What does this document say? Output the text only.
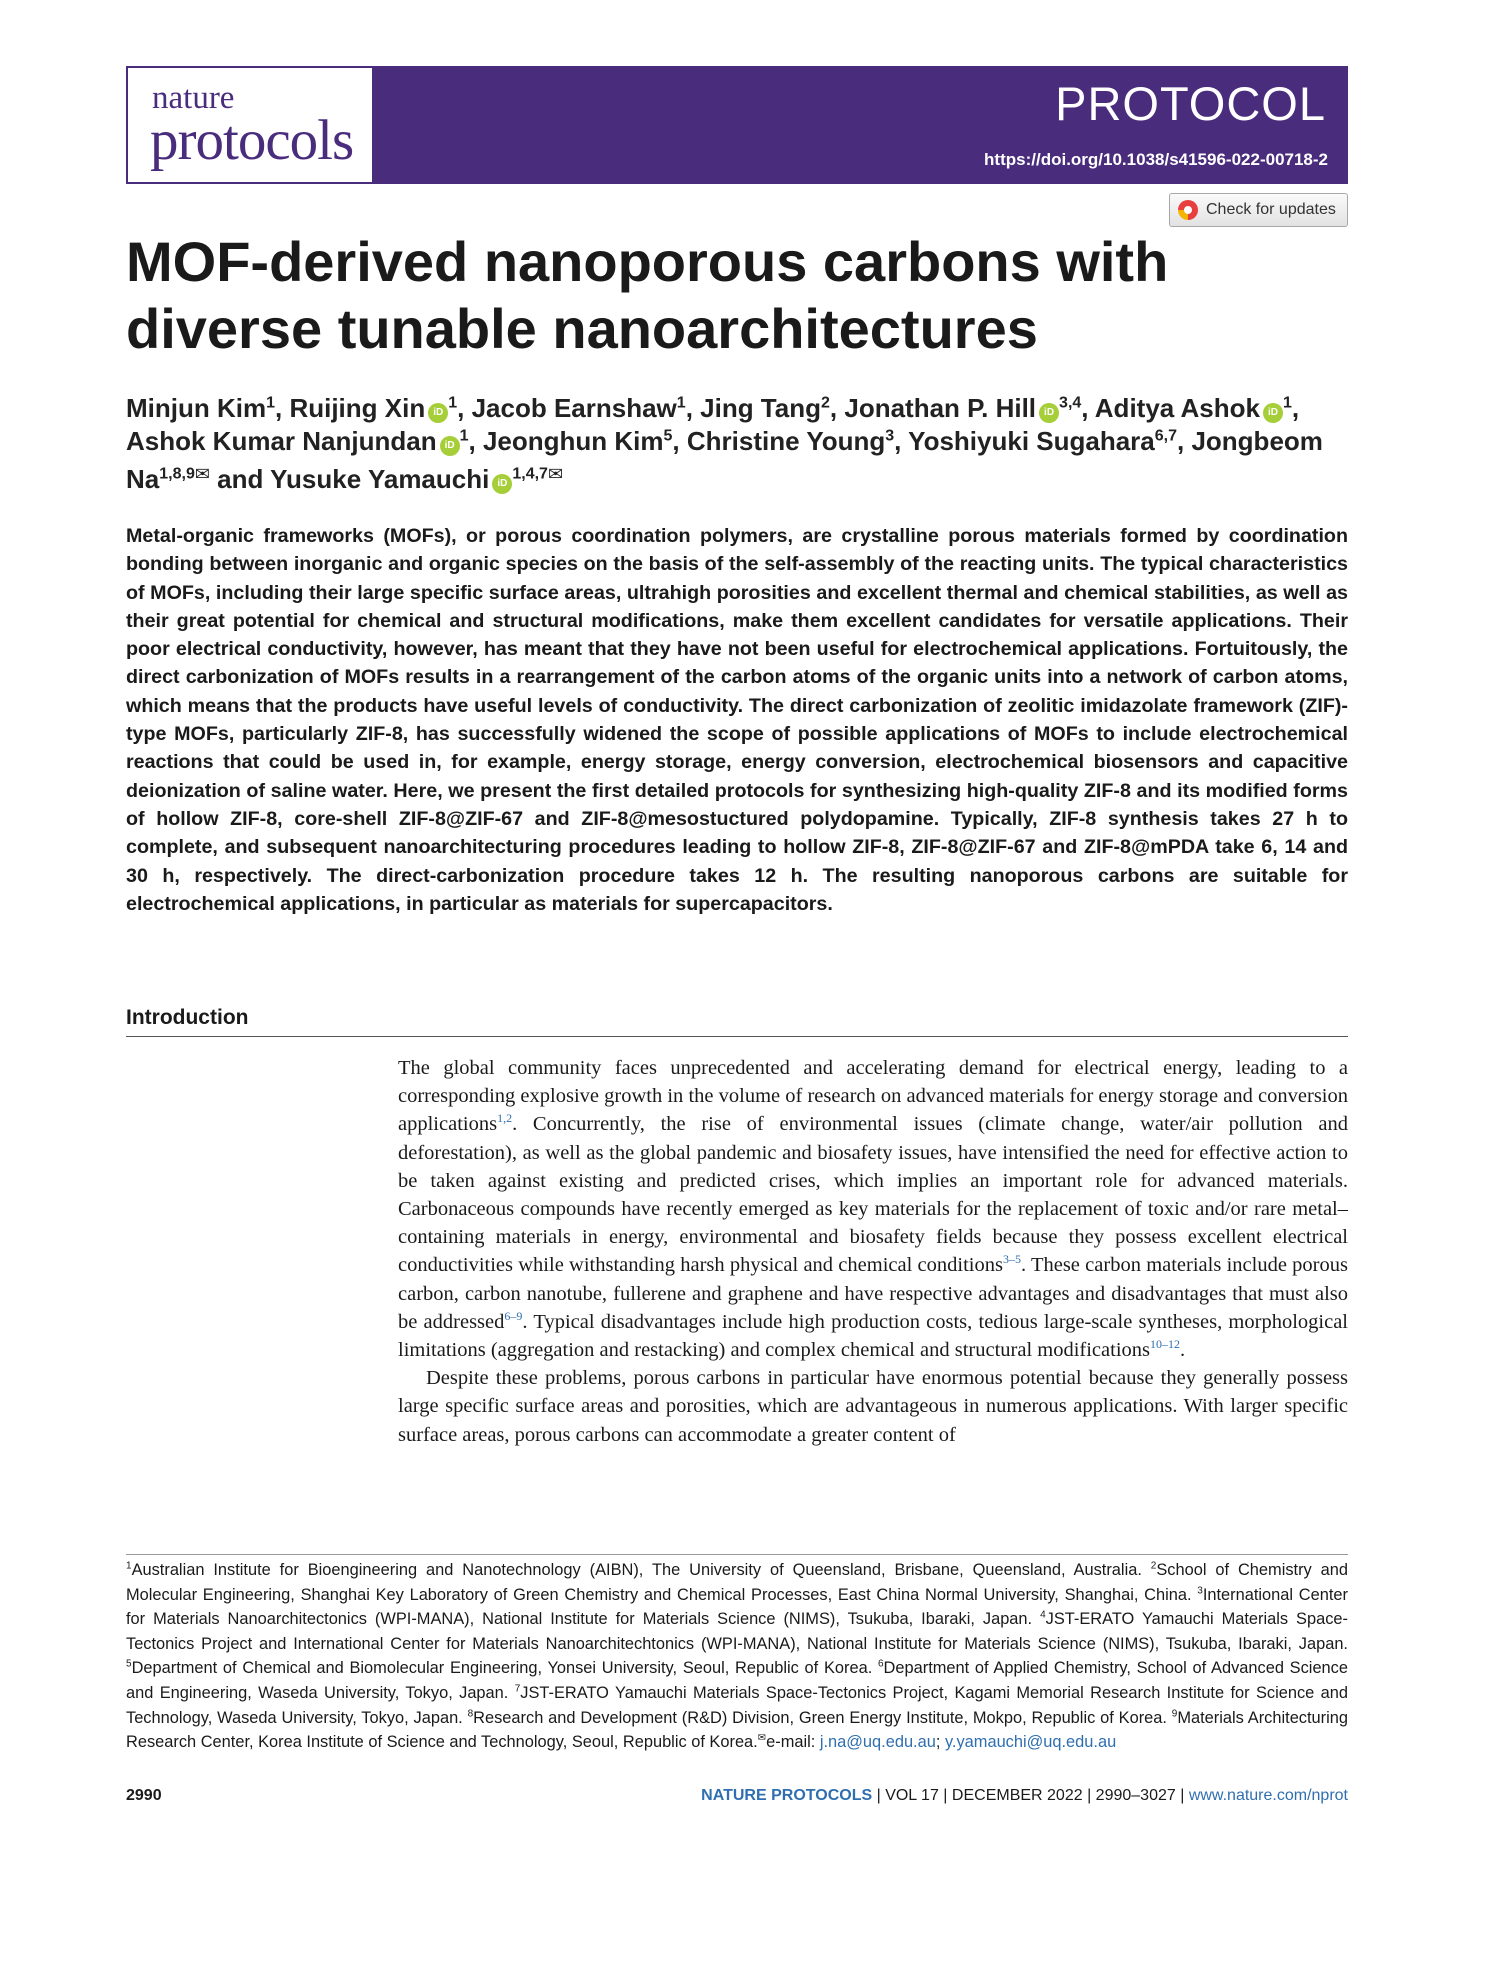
nature
protocols
PROTOCOL
https://doi.org/10.1038/s41596-022-00718-2
Check for updates
MOF-derived nanoporous carbons with diverse tunable nanoarchitectures
Minjun Kim$^1$, Ruijing Xin $iD^1$, Jacob Earnshaw$^1$, Jing Tang$^2$, Jonathan P. Hill iD$^{3,4}$, Aditya Ashok $iD^1$, Ashok Kumar Nanjundan $iD^1$, Jeonghun Kim$^5$, Christine Young$^3$, Yoshiyuki Sugahara$^{6,7}$, Jongbeom $Na^{1,8,9✉}$ and Yusuke Yamauchi $iD^{1,4,7✉}$

Metal-organic frameworks (MOFs), or porous coordination polymers, are crystalline porous materials formed by coordination bonding between inorganic and organic species on the basis of the self-assembly of the reacting units. The typical characteristics of MOFs, including their large specific surface areas, ultrahigh porosities and excellent thermal and chemical stabilities, as well as their great potential for chemical and structural modifications, make them excellent candidates for versatile applications. Their poor electrical conductivity, however, has meant that they have not been useful for electrochemical applications. Fortuitously, the direct carbonization of MOFs results in a rearrangement of the carbon atoms of the organic units into a network of carbon atoms, which means that the products have useful levels of conductivity. The direct carbonization of zeolitic imidazolate framework (ZIF)-type MOFs, particularly ZIF-8, has successfully widened the scope of possible applications of MOFs to include electrochemical reactions that could be used in, for example, energy storage, energy conversion, electrochemical biosensors and capacitive deionization of saline water. Here, we present the first detailed protocols for synthesizing high-quality ZIF-8 and its modified forms of hollow ZIF-8, core-shell ZIF-8@ZIF-67 and ZIF-8@mesostuctured polydopamine. Typically, ZIF-8 synthesis takes 27 h to complete, and subsequent nanoarchitecturing procedures leading to hollow ZIF-8, ZIF-8@ZIF-67 and ZIF-8@mPDA take 6, 14 and 30 h, respectively. The direct-carbonization procedure takes 12 h. The resulting nanoporous carbons are suitable for electrochemical applications, in particular as materials for supercapacitors.

Introduction

The global community faces unprecedented and accelerating demand for electrical energy, leading to a corresponding explosive growth in the volume of research on advanced materials for energy storage and conversion applications$^{1,2}$. Concurrently, the rise of environmental issues (climate change, water/air pollution and deforestation), as well as the global pandemic and biosafety issues, have intensified the need for effective action to be taken against existing and predicted crises, which implies an important role for advanced materials. Carbonaceous compounds have recently emerged as key materials for the replacement of toxic and/or rare metal–containing materials in energy, environmental and biosafety fields because they possess excellent electrical conductivities while withstanding harsh physical and chemical conditions$^{3-5}$. These carbon materials include porous carbon, carbon nanotube, fullerene and graphene and have respective advantages and disadvantages that must also be addressed$^{6-9}$. Typical disadvantages include high production costs, tedious large-scale syntheses, morphological limitations (aggregation and restacking) and complex chemical and structural modifications$^{10-12}$.

Despite these problems, porous carbons in particular have enormous potential because they generally possess large specific surface areas and porosities, which are advantageous in numerous applications. With larger specific surface areas, porous carbons can accommodate a greater content of

$^1$Australian Institute for Bioengineering and Nanotechnology (AIBN), The University of Queensland, Brisbane, Queensland, Australia. $^2$School of Chemistry and Molecular Engineering, Shanghai Key Laboratory of Green Chemistry and Chemical Processes, East China Normal University, Shanghai, China. $^3$International Center for Materials Nanoarchitectonics (WPI-MANA), National Institute for Materials Science (NIMS), Tsukuba, Ibaraki, Japan. $^4$JST-ERATO Yamauchi Materials Space-Tectonics Project and International Center for Materials Nanoarchitechtonics (WPI-MANA), National Institute for Materials Science (NIMS), Tsukuba, Ibaraki, Japan. $^5$Department of Chemical and Biomolecular Engineering, Yonsei University, Seoul, Republic of Korea. $^6$Department of Applied Chemistry, School of Advanced Science and Engineering, Waseda University, Tokyo, Japan. $^7$JST-ERATO Yamauchi Materials Space-Tectonics Project, Kagami Memorial Research Institute for Science and Technology, Waseda University, Tokyo, Japan. $^8$Research and Development (R&D) Division, Green Energy Institute, Mokpo, Republic of Korea. $^9$Materials Architecturing Research Center, Korea Institute of Science and Technology, Seoul, Republic of Korea.✉e-mail: j.na@uq.edu.au; y.yamauchi@uq.edu.au

2990	NATURE PROTOCOLS | VOL 17 | DECEMBER 2022 | 2990–3027 | www.nature.com/nprot
